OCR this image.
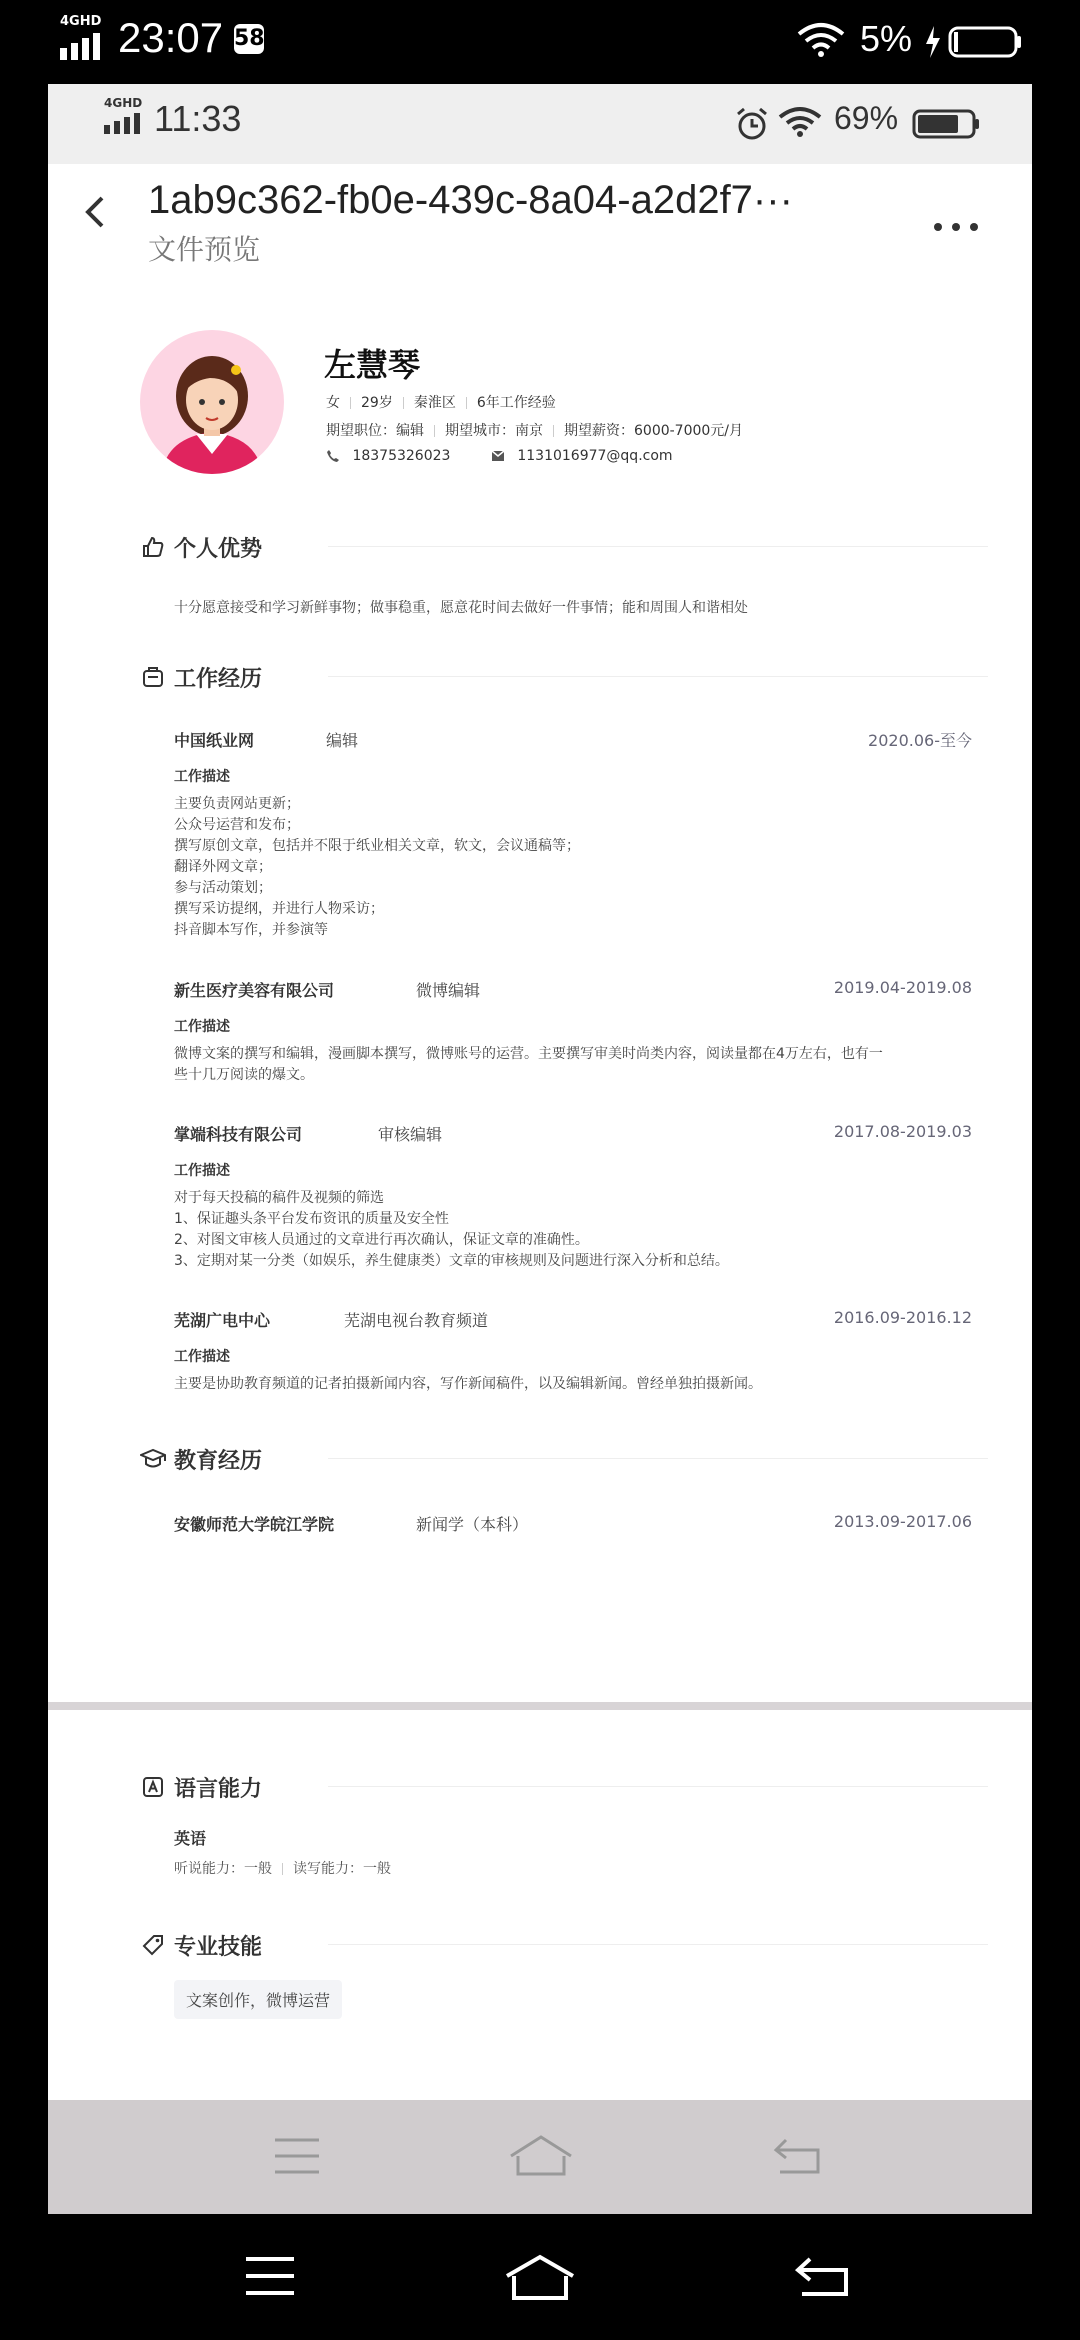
4GHD 23:07 58	5%
4GHD 11:33	69%
1ab9c362-fb0e-439c-8a04-a2d2f7···
文件预览
左慧琴
女 29岁 秦淮区 6年工作经验
期望职位：编辑 期望城市：南京 期望薪资：6000-7000元/月
18375326023	1131016977@qq.com
个人优势
十分愿意接受和学习新鲜事物；做事稳重，愿意花时间去做好一件事情；能和周围人和谐相处
工作经历
中国纸业网	编辑	2020.06-至今
工作描述
主要负责网站更新；
公众号运营和发布；
撰写原创文章，包括并不限于纸业相关文章，软文，会议通稿等；
翻译外网文章；
参与活动策划；
撰写采访提纲，并进行人物采访；
抖音脚本写作，并参演等
新生医疗美容有限公司	微博编辑	2019.04-2019.08
工作描述
微博文案的撰写和编辑，漫画脚本撰写，微博账号的运营。主要撰写审美时尚类内容，阅读量都在4万左右，也有一
些十几万阅读的爆文。
掌端科技有限公司	审核编辑	2017.08-2019.03
工作描述
对于每天投稿的稿件及视频的筛选
1、保证趣头条平台发布资讯的质量及安全性
2、对图文审核人员通过的文章进行再次确认，保证文章的准确性。
3、定期对某一分类（如娱乐，养生健康类）文章的审核规则及问题进行深入分析和总结。
芜湖广电中心	芜湖电视台教育频道	2016.09-2016.12
工作描述
主要是协助教育频道的记者拍摄新闻内容，写作新闻稿件，以及编辑新闻。曾经单独拍摄新闻。
教育经历
安徽师范大学皖江学院	新闻学（本科）	2013.09-2017.06
语言能力
英语
听说能力：一般 读写能力：一般
专业技能
文案创作，微博运营
